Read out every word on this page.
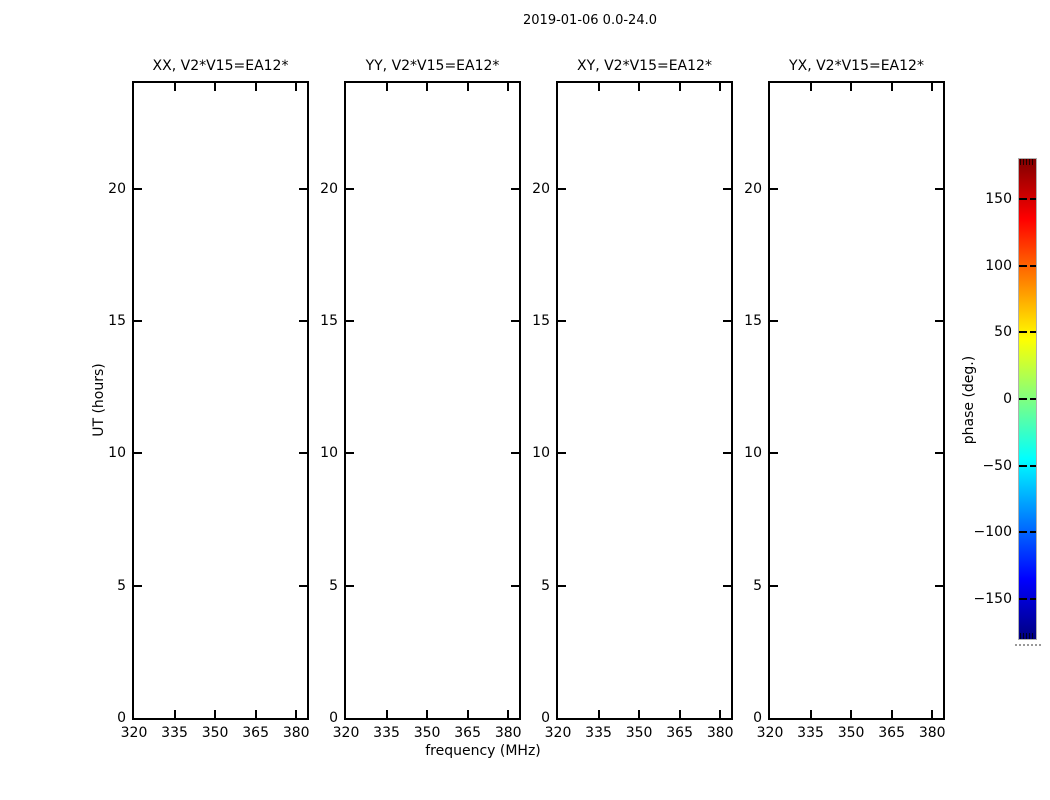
2019-01-06 0.0-24.0
XX, V2*V15=EA12*
320 335 350 365 380
0
5
10
15
20
YY, V2*V15=EA12*
320 335 350 365 380
0
5
10
15
20
XY, V2*V15=EA12*
320 335 350 365 380
0
5
10
15
20
YX, V2*V15=EA12*
320 335 350 365 380
0
5
10
15
20
frequency (MHz)
UT (hours)
150
100
50
0
−50
−100
−150
phase (deg.)
